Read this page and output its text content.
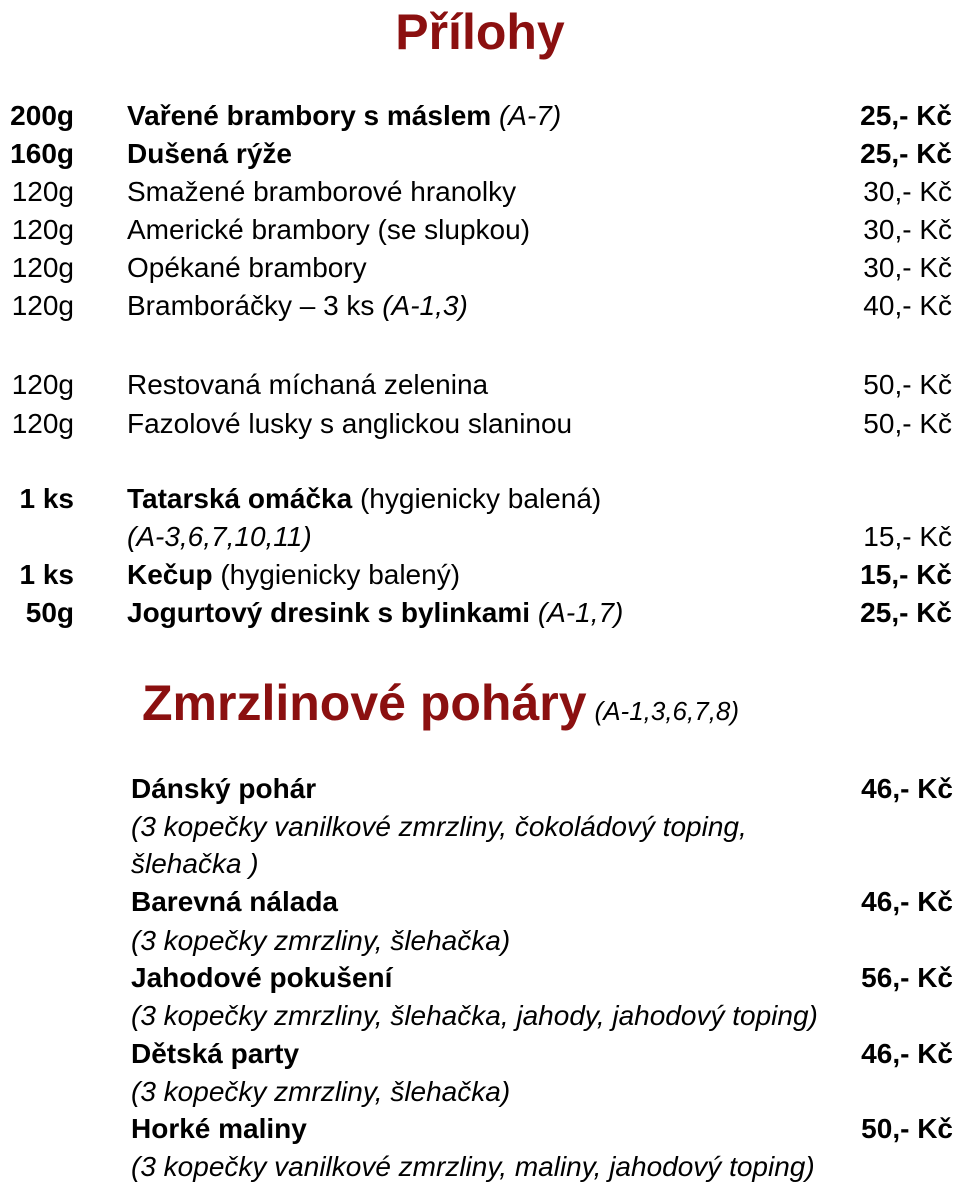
Přílohy
200g Vařené brambory s máslem (A-7)	25,- Kč
160g Dušená rýže	25,- Kč
120g Smažené bramborové hranolky	30,- Kč
120g Americké brambory (se slupkou)	30,- Kč
120g Opékané brambory	30,- Kč
120g Bramboráčky – 3 ks (A-1,3)	40,- Kč
120g Restovaná míchaná zelenina	50,- Kč
120g Fazolové lusky s anglickou slaninou	50,- Kč
1 ks Tatarská omáčka (hygienicky balená)
(A-3,6,7,10,11)	15,- Kč
1 ks Kečup (hygienicky balený)	15,- Kč
50g Jogurtový dresink s bylinkami (A-1,7)	25,- Kč
Zmrzlinové poháry (A-1,3,6,7,8)
Dánský pohár	46,- Kč
(3 kopečky vanilkové zmrzliny, čokoládový toping,
šlehačka )
Barevná nálada	46,- Kč
(3 kopečky zmrzliny, šlehačka)
Jahodové pokušení	56,- Kč
(3 kopečky zmrzliny, šlehačka, jahody, jahodový toping)
Dětská party	46,- Kč
(3 kopečky zmrzliny, šlehačka)
Horké maliny	50,- Kč
(3 kopečky vanilkové zmrzliny, maliny, jahodový toping)
